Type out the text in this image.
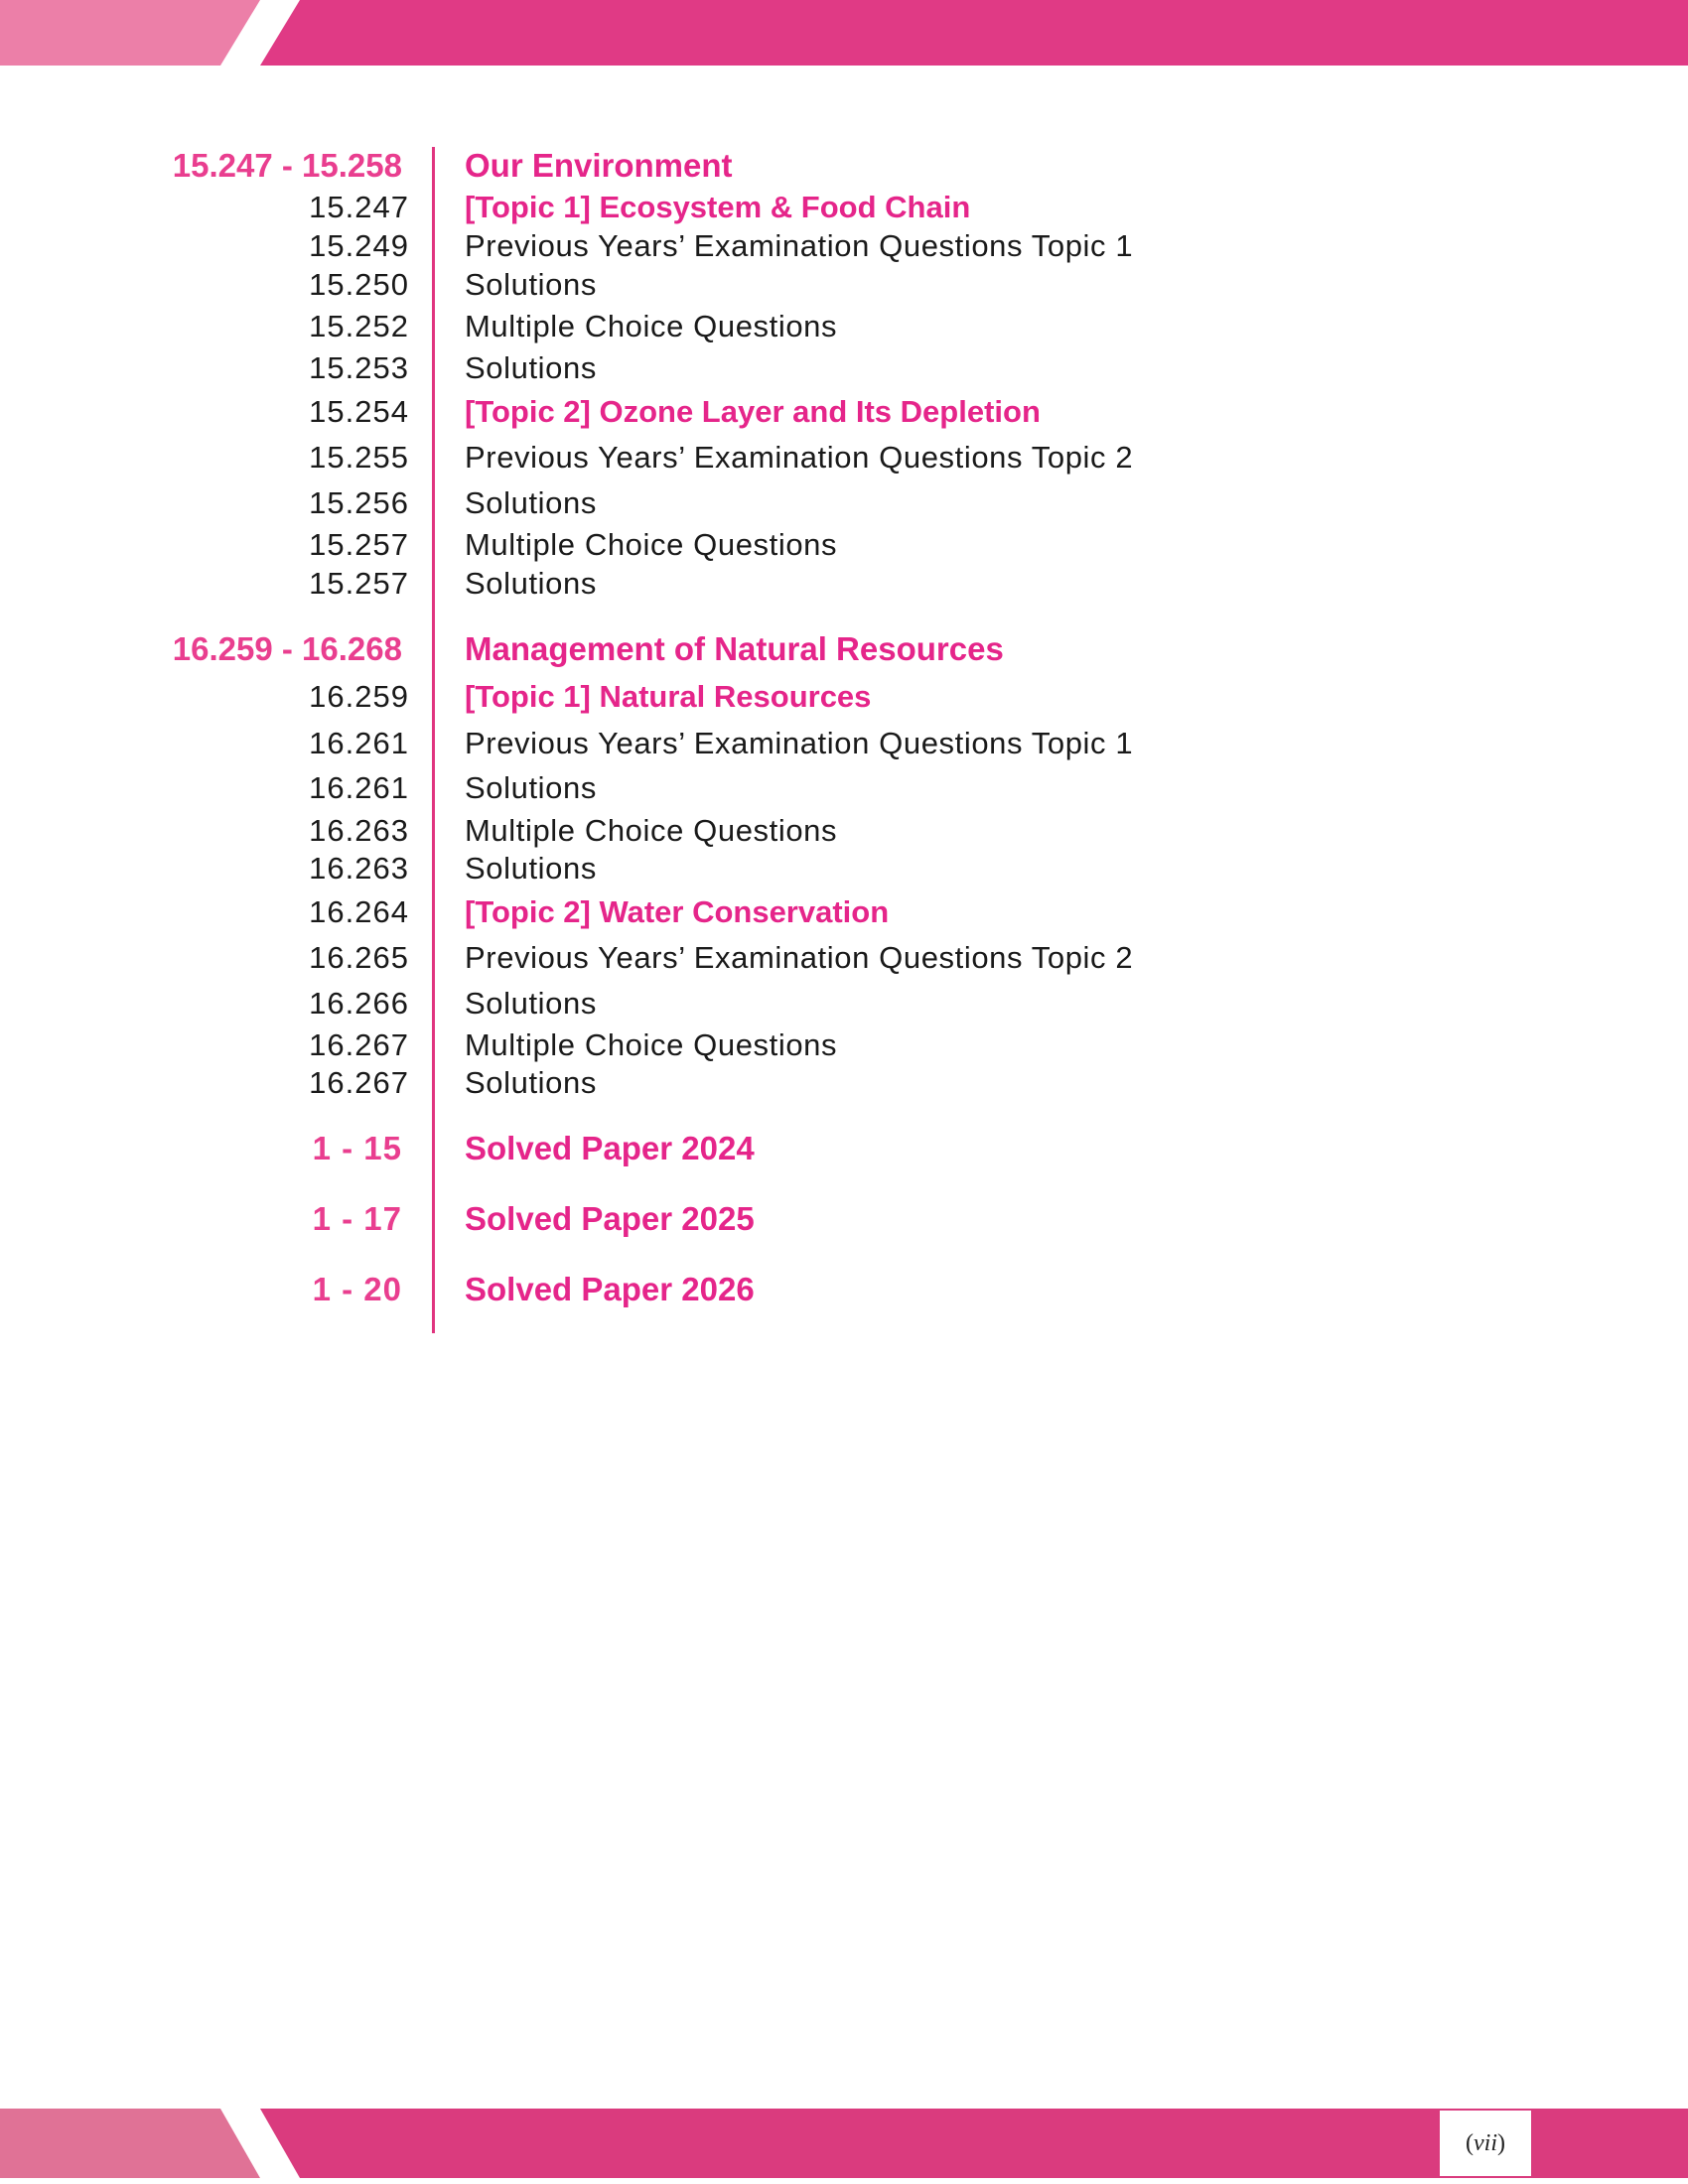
15.247 - 15.258 Our Environment
15.247 [Topic 1] Ecosystem & Food Chain
15.249 Previous Years’ Examination Questions Topic 1
15.250 Solutions
15.252 Multiple Choice Questions
15.253 Solutions
15.254 [Topic 2] Ozone Layer and Its Depletion
15.255 Previous Years’ Examination Questions Topic 2
15.256 Solutions
15.257 Multiple Choice Questions
15.257 Solutions
16.259 - 16.268 Management of Natural Resources
16.259 [Topic 1] Natural Resources
16.261 Previous Years’ Examination Questions Topic 1
16.261 Solutions
16.263 Multiple Choice Questions
16.263 Solutions
16.264 [Topic 2] Water Conservation
16.265 Previous Years’ Examination Questions Topic 2
16.266 Solutions
16.267 Multiple Choice Questions
16.267 Solutions
1 - 15 Solved Paper 2024
1 - 17 Solved Paper 2025
1 - 20 Solved Paper 2026
( vii )
